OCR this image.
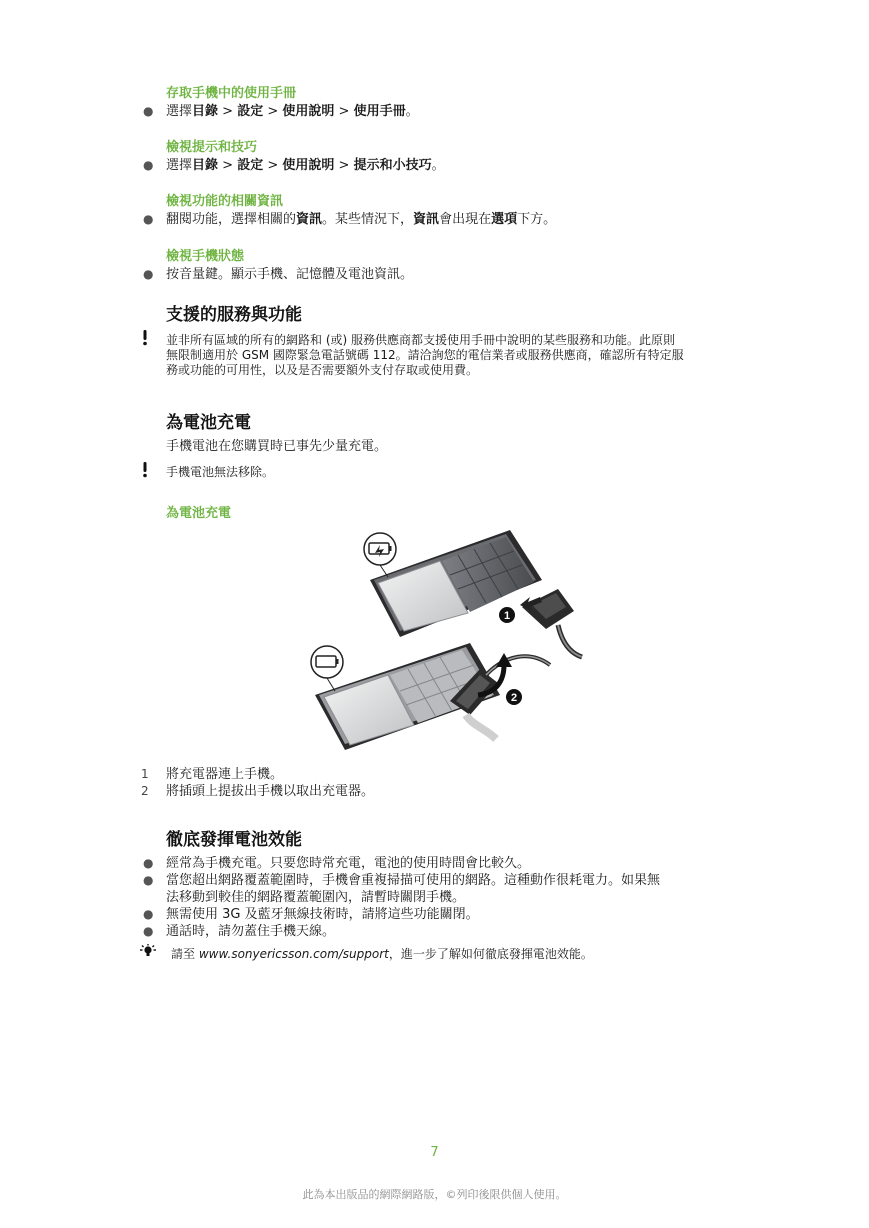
存取手機中的使用手冊
● 選擇目錄 > 設定 > 使用說明 > 使用手冊。
檢視提示和技巧
● 選擇目錄 > 設定 > 使用說明 > 提示和小技巧。
檢視功能的相關資訊
● 翻閱功能，選擇相關的資訊。某些情況下，資訊會出現在選項下方。
檢視手機狀態
● 按音量鍵。顯示手機、記憶體及電池資訊。
支援的服務與功能
並非所有區域的所有的網路和 (或) 服務供應商都支援使用手冊中說明的某些服務和功能。此原則
無限制適用於 GSM 國際緊急電話號碼 112。請洽詢您的電信業者或服務供應商，確認所有特定服
務或功能的可用性，以及是否需要額外支付存取或使用費。
為電池充電
手機電池在您購買時已事先少量充電。
手機電池無法移除。
為電池充電
1
2
1 將充電器連上手機。
2 將插頭上提拔出手機以取出充電器。
徹底發揮電池效能
● 經常為手機充電。只要您時常充電，電池的使用時間會比較久。
● 當您超出網路覆蓋範圍時，手機會重複掃描可使用的網路。這種動作很耗電力。如果無
法移動到較佳的網路覆蓋範圍內，請暫時關閉手機。
● 無需使用 3G 及藍牙無線技術時，請將這些功能關閉。
● 通話時，請勿蓋住手機天線。
請至 www.sonyericsson.com/support，進一步了解如何徹底發揮電池效能。
7
此為本出版品的網際網路版，©列印後限供個人使用。
